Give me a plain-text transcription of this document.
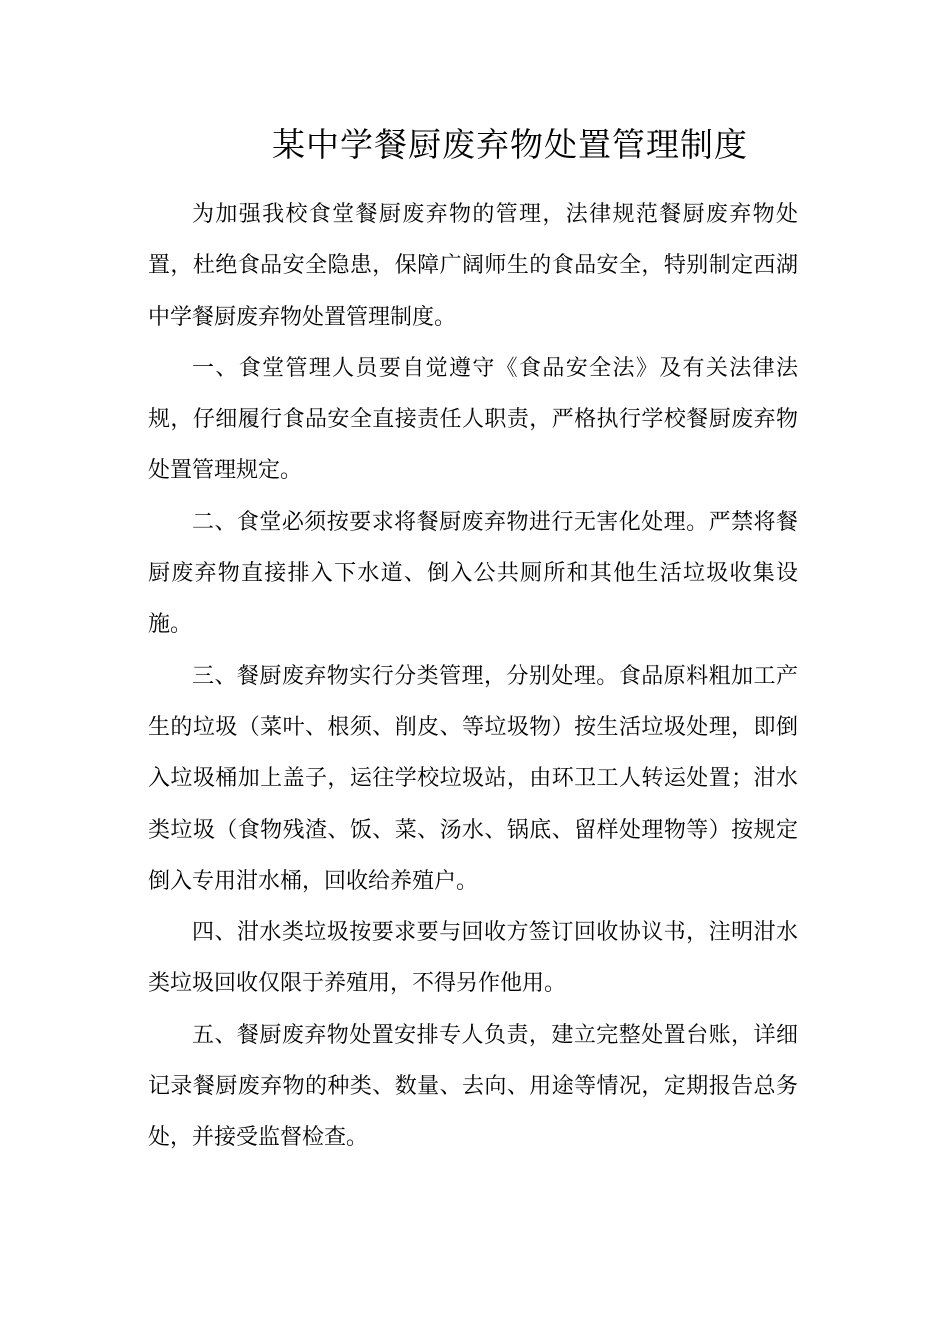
某中学餐厨废弃物处置管理制度

为加强我校食堂餐厨废弃物的管理，法律规范餐厨废弃物处置，杜绝食品安全隐患，保障广阔师生的食品安全，特别制定西湖中学餐厨废弃物处置管理制度。

一、食堂管理人员要自觉遵守《食品安全法》及有关法律法规，仔细履行食品安全直接责任人职责，严格执行学校餐厨废弃物处置管理规定。

二、食堂必须按要求将餐厨废弃物进行无害化处理。严禁将餐厨废弃物直接排入下水道、倒入公共厕所和其他生活垃圾收集设施。

三、餐厨废弃物实行分类管理，分别处理。食品原料粗加工产生的垃圾（菜叶、根须、削皮、等垃圾物）按生活垃圾处理，即倒入垃圾桶加上盖子，运往学校垃圾站，由环卫工人转运处置；泔水类垃圾（食物残渣、饭、菜、汤水、锅底、留样处理物等）按规定倒入专用泔水桶，回收给养殖户。

四、泔水类垃圾按要求要与回收方签订回收协议书，注明泔水类垃圾回收仅限于养殖用，不得另作他用。

五、餐厨废弃物处置安排专人负责，建立完整处置台账，详细记录餐厨废弃物的种类、数量、去向、用途等情况，定期报告总务处，并接受监督检查。
